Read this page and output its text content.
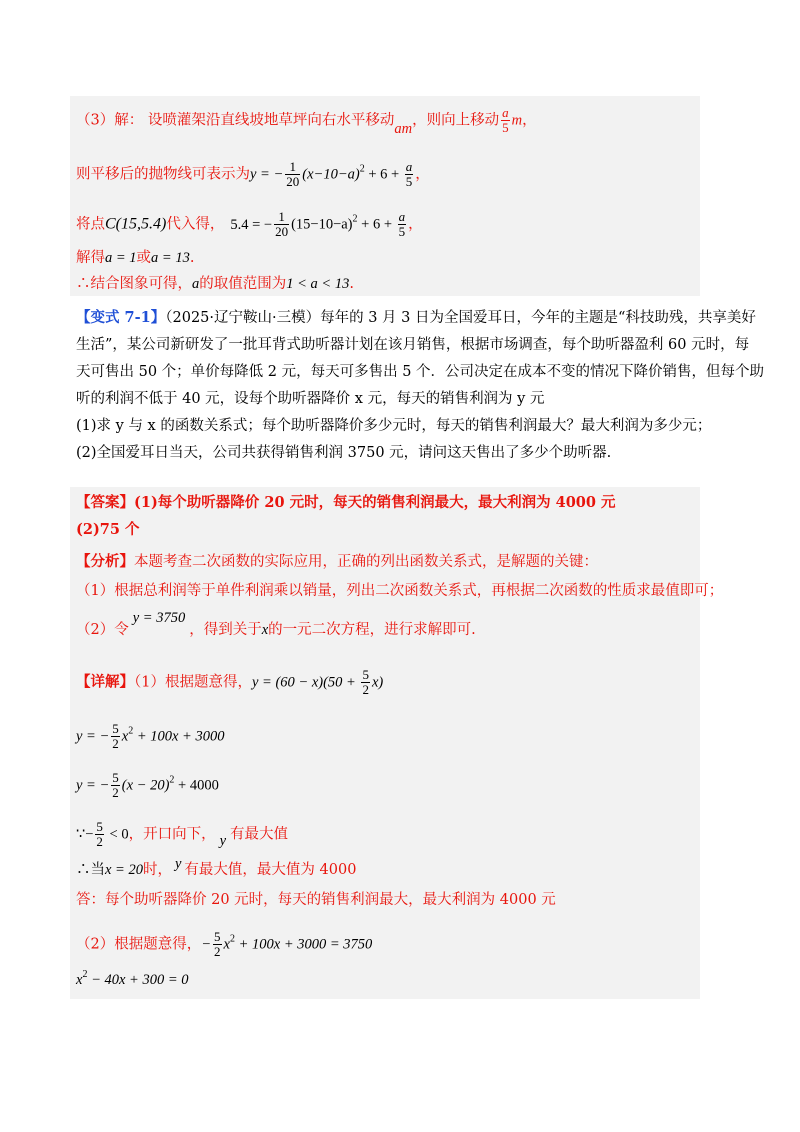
（3）解： 设喷灌架沿直线坡地草坪向右水平移动am，则向上移动 $\frac{a}{5}$ m，
则平移后的抛物线可表示为y = − $\frac{1}{20} (x-10-a)^2 + 6 + \frac{a}{5}$ ，
将点C(15,5.4)代入得， 5.4 = − $\frac{1}{20} (15-10-a)^2 + 6 + \frac{a}{5}$ ，
解得a = 1或a = 13.
∴结合图象可得，a的取值范围为1 < a < 13.
【变式 7-1】（2025·辽宁鞍山·三模）每年的 3 月 3 日为全国爱耳日，今年的主题是“科技助残，共享美好
生活”，某公司新研发了一批耳背式助听器计划在该月销售，根据市场调查，每个助听器盈利 60 元时，每
天可售出 50 个；单价每降低 2 元，每天可多售出 5 个．公司决定在成本不变的情况下降价销售，但每个助
听的利润不低于 40 元，设每个助听器降价 x 元，每天的销售利润为 y 元
(1)求 y 与 x 的函数关系式；每个助听器降价多少元时，每天的销售利润最大？最大利润为多少元；
(2)全国爱耳日当天，公司共获得销售利润 3750 元，请问这天售出了多少个助听器.
【答案】(1)每个助听器降价 20 元时，每天的销售利润最大，最大利润为 4000 元
(2)75 个
【分析】本题考查二次函数的实际应用，正确的列出函数关系式，是解题的关键：
（1）根据总利润等于单件利润乘以销量，列出二次函数关系式，再根据二次函数的性质求最值即可；
（2）令y = 3750，得到关于x的一元二次方程，进行求解即可.
【详解】（1）根据题意得，$y = (60 - x)(50 + \frac{5}{2} x)$
y = − $\frac{5}{2} x^2 + 100x + 3000$
y = − $\frac{5}{2} (x - 20)^2 + 4000$
∵− $\frac{5}{2} < 0$，开口向下， y 有最大值
∴当x = 20时， y 有最大值，最大值为 4000
答：每个助听器降价 20 元时，每天的销售利润最大，最大利润为 4000 元
（2）根据题意得，− $\frac{5}{2} x^2 + 100x + 3000 = 3750$
$x^2 - 40x + 300 = 0$
